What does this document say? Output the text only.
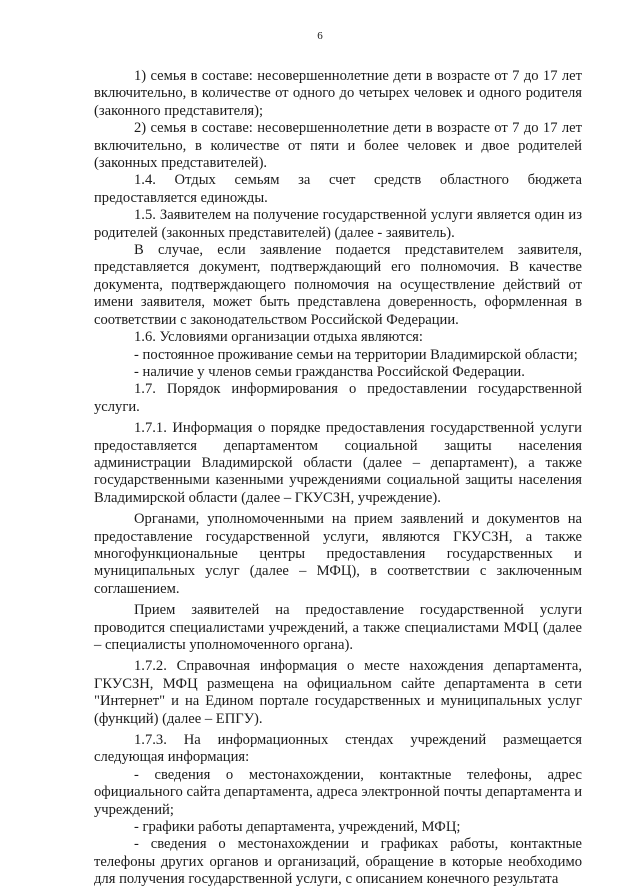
6

1) семья в составе: несовершеннолетние дети в возрасте от 7 до 17 лет включительно, в количестве от одного до четырех человек и одного родителя (законного представителя);

2) семья в составе: несовершеннолетние дети в возрасте от 7 до 17 лет включительно, в количестве от пяти и более человек и двое родителей (законных представителей).

1.4. Отдых семьям за счет средств областного бюджета предоставляется единожды.

1.5. Заявителем на получение государственной услуги является один из родителей (законных представителей) (далее - заявитель).

В случае, если заявление подается представителем заявителя, представляется документ, подтверждающий его полномочия. В качестве документа, подтверждающего полномочия на осуществление действий от имени заявителя, может быть представлена доверенность, оформленная в соответствии с законодательством Российской Федерации.

1.6. Условиями организации отдыха являются:

- постоянное проживание семьи на территории Владимирской области;

- наличие у членов семьи гражданства Российской Федерации.

1.7. Порядок информирования о предоставлении государственной услуги.

1.7.1. Информация о порядке предоставления государственной услуги предоставляется департаментом социальной защиты населения администрации Владимирской области (далее – департамент), а также государственными казенными учреждениями социальной защиты населения Владимирской области (далее – ГКУСЗН, учреждение).

Органами, уполномоченными на прием заявлений и документов на предоставление государственной услуги, являются ГКУСЗН, а также многофункциональные центры предоставления государственных и муниципальных услуг (далее – МФЦ), в соответствии с заключенным соглашением.

Прием заявителей на предоставление государственной услуги проводится специалистами учреждений, а также специалистами МФЦ (далее – специалисты уполномоченного органа).

1.7.2. Справочная информация о месте нахождения департамента, ГКУСЗН, МФЦ размещена на официальном сайте департамента в сети "Интернет" и на Едином портале государственных и муниципальных услуг (функций) (далее – ЕПГУ).

1.7.3. На информационных стендах учреждений размещается следующая информация:

- сведения о местонахождении, контактные телефоны, адрес официального сайта департамента, адреса электронной почты департамента и учреждений;

- графики работы департамента, учреждений, МФЦ;

- сведения о местонахождении и графиках работы, контактные телефоны других органов и организаций, обращение в которые необходимо для получения государственной услуги, с описанием конечного результата
